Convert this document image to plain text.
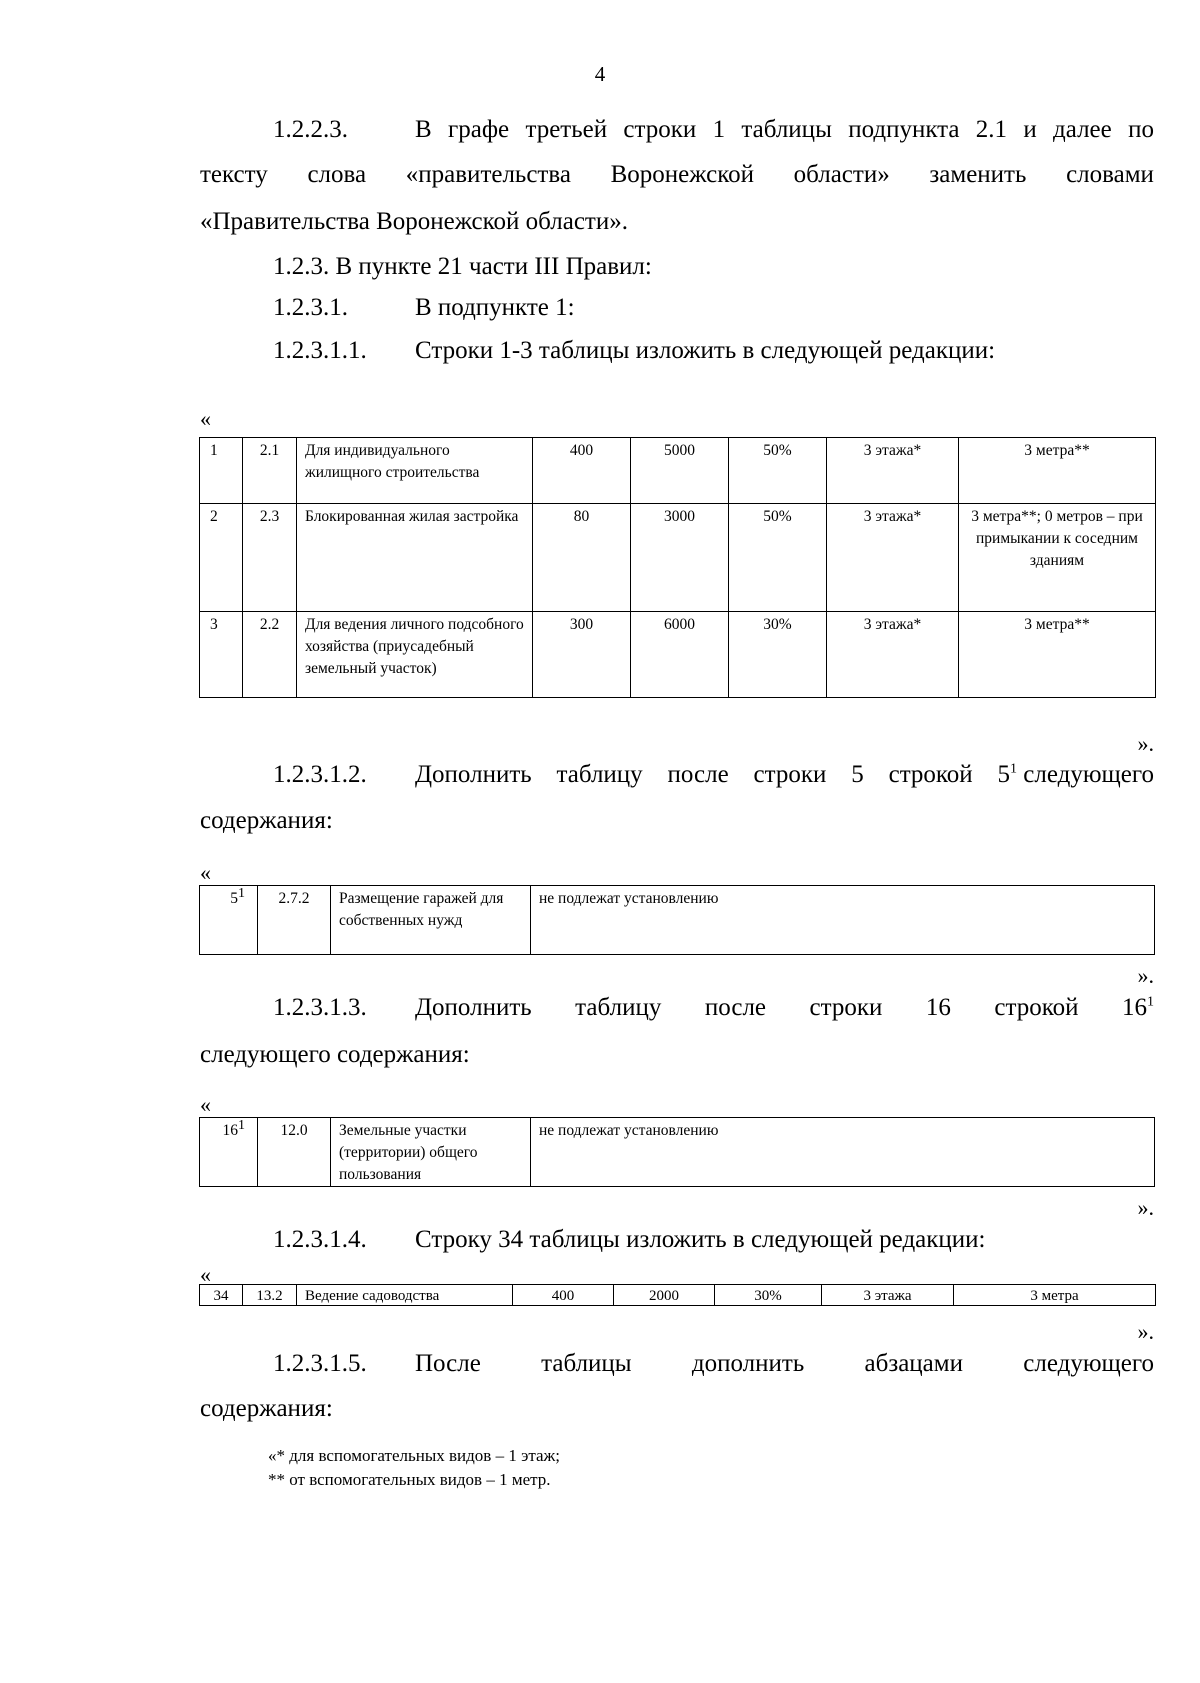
4
1.2.2.3.	В графе третьей строки 1 таблицы подпункта 2.1 и далее по
тексту слова «правительства Воронежской области» заменить словами
«Правительства Воронежской области».
1.2.3. В пункте 21 части III Правил:
1.2.3.1.	В подпункте 1:
1.2.3.1.1. Строки 1-3 таблицы изложить в следующей редакции:
«
1	2.1	Для индивидуального жилищного строительства	400	5000	50%	3 этажа*	3 метра**
2	2.3	Блокированная жилая застройка	80	3000	50%	3 этажа*	3 метра**; 0 метров – при примыкании к соседним зданиям
3	2.2	Для ведения личного подсобного хозяйства (приусадебный земельный участок)	300	6000	30%	3 этажа*	3 метра**
».
1.2.3.1.2. Дополнить таблицу после строки 5 строкой $5^1$ следующего
содержания:
«
$5^1$	2.7.2	Размещение гаражей для собственных нужд	не подлежат установлению
».
1.2.3.1.3. Дополнить таблицу после строки 16 строкой $16^1$
следующего содержания:
«
$16^1$	12.0	Земельные участки (территории) общего пользования	не подлежат установлению
».
1.2.3.1.4. Строку 34 таблицы изложить в следующей редакции:
«
34	13.2	Ведение садоводства	400	2000	30%	3 этажа	3 метра
».
1.2.3.1.5. После таблицы дополнить абзацами следующего
содержания:
«* для вспомогательных видов – 1 этаж;
** от вспомогательных видов – 1 метр.
